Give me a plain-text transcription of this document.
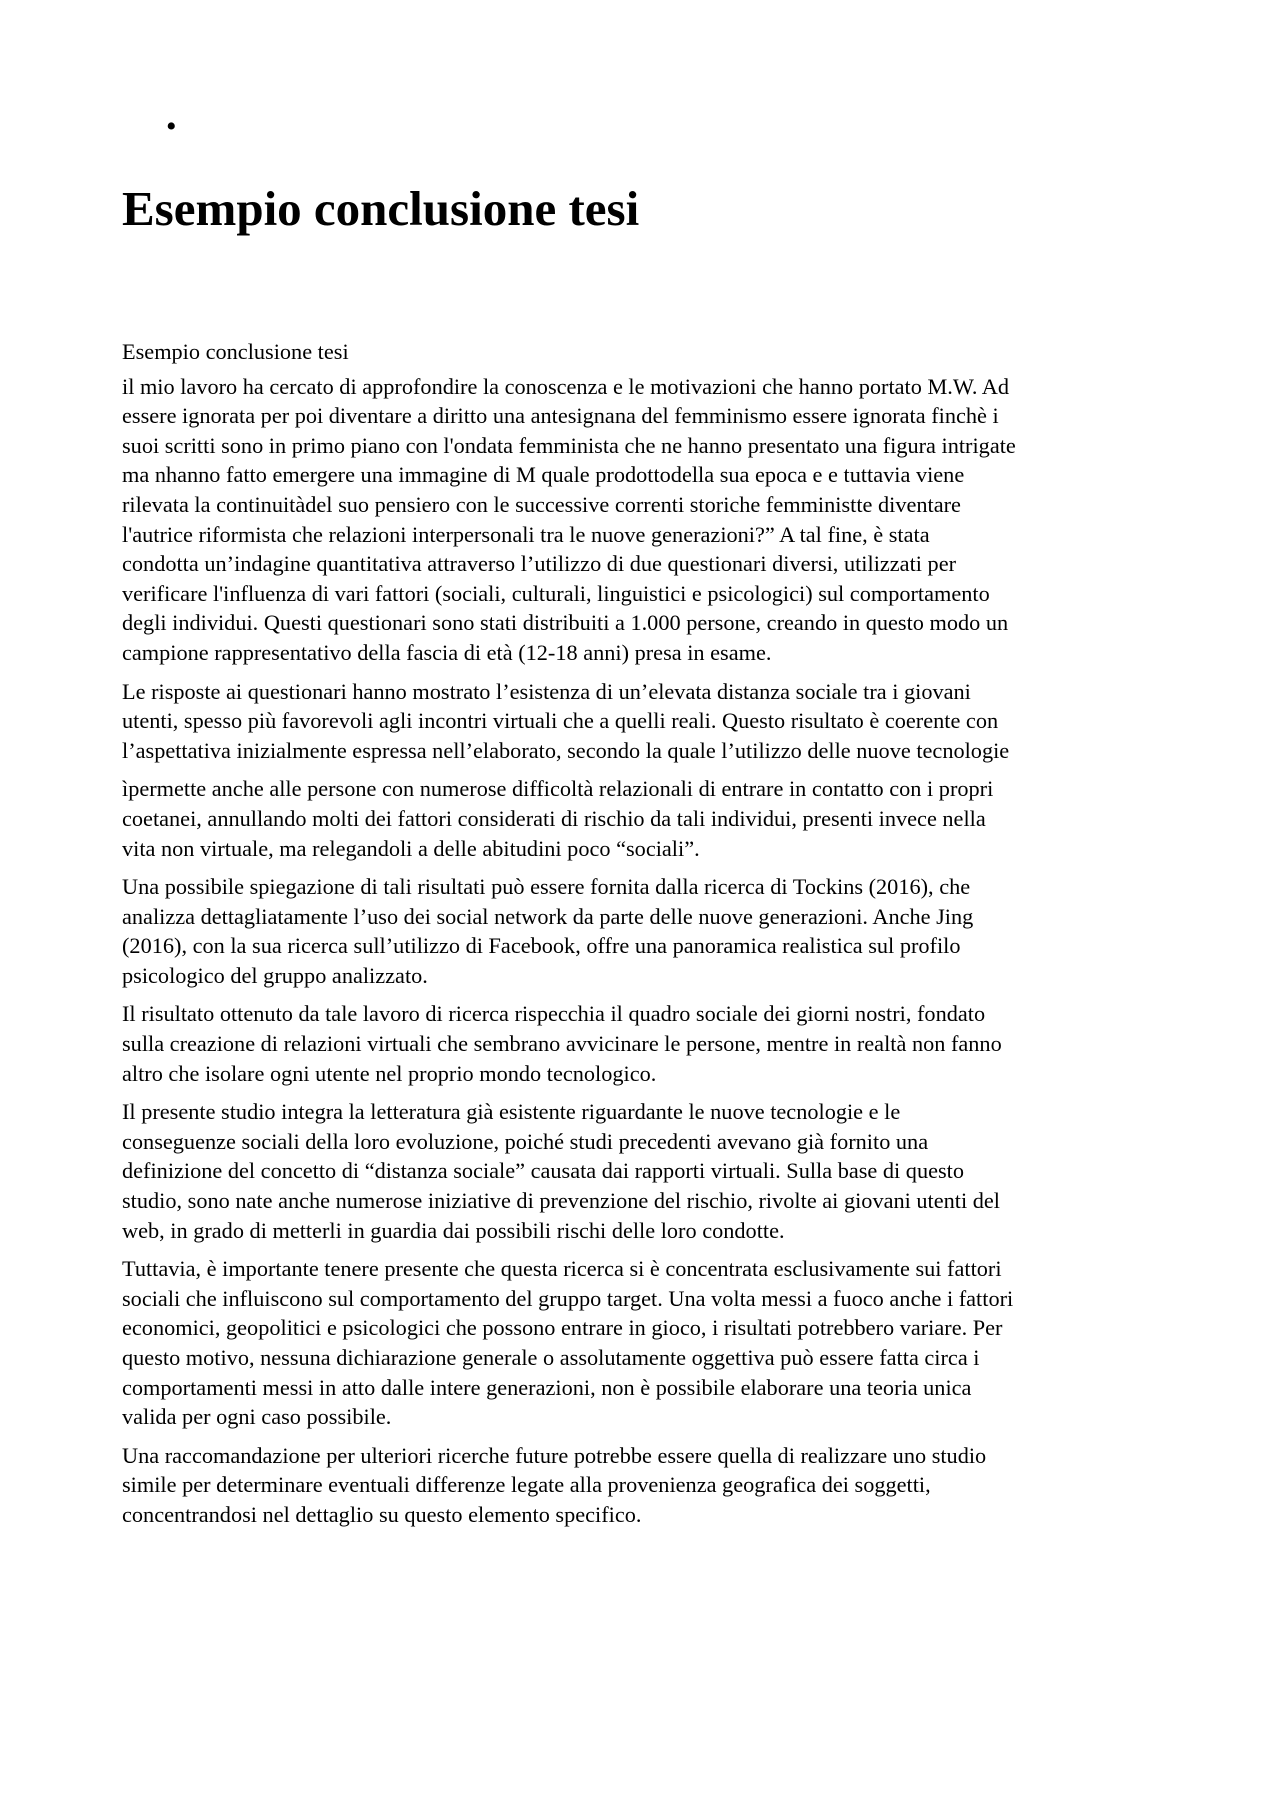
•
Esempio conclusione tesi

Esempio conclusione tesi

il mio lavoro ha cercato di approfondire la conoscenza e le motivazioni che hanno portato M.W. Ad
essere ignorata per poi diventare a diritto una antesignana del femminismo essere ignorata finchè i
suoi scritti sono in primo piano con l'ondata femminista che ne hanno presentato una figura intrigate
ma nhanno fatto emergere una immagine di M quale prodottodella sua epoca e e tuttavia viene
rilevata la continuitàdel suo pensiero con le successive correnti storiche femministte diventare
l'autrice riformista che relazioni interpersonali tra le nuove generazioni?” A tal fine, è stata
condotta un’indagine quantitativa attraverso l’utilizzo di due questionari diversi, utilizzati per
verificare l'influenza di vari fattori (sociali, culturali, linguistici e psicologici) sul comportamento
degli individui. Questi questionari sono stati distribuiti a 1.000 persone, creando in questo modo un
campione rappresentativo della fascia di età (12-18 anni) presa in esame.

Le risposte ai questionari hanno mostrato l’esistenza di un’elevata distanza sociale tra i giovani
utenti, spesso più favorevoli agli incontri virtuali che a quelli reali. Questo risultato è coerente con
l’aspettativa inizialmente espressa nell’elaborato, secondo la quale l’utilizzo delle nuove tecnologie

ìpermette anche alle persone con numerose difficoltà relazionali di entrare in contatto con i propri
coetanei, annullando molti dei fattori considerati di rischio da tali individui, presenti invece nella
vita non virtuale, ma relegandoli a delle abitudini poco “sociali”.

Una possibile spiegazione di tali risultati può essere fornita dalla ricerca di Tockins (2016), che
analizza dettagliatamente l’uso dei social network da parte delle nuove generazioni. Anche Jing
(2016), con la sua ricerca sull’utilizzo di Facebook, offre una panoramica realistica sul profilo
psicologico del gruppo analizzato.

Il risultato ottenuto da tale lavoro di ricerca rispecchia il quadro sociale dei giorni nostri, fondato
sulla creazione di relazioni virtuali che sembrano avvicinare le persone, mentre in realtà non fanno
altro che isolare ogni utente nel proprio mondo tecnologico.

Il presente studio integra la letteratura già esistente riguardante le nuove tecnologie e le
conseguenze sociali della loro evoluzione, poiché studi precedenti avevano già fornito una
definizione del concetto di “distanza sociale” causata dai rapporti virtuali. Sulla base di questo
studio, sono nate anche numerose iniziative di prevenzione del rischio, rivolte ai giovani utenti del
web, in grado di metterli in guardia dai possibili rischi delle loro condotte.

Tuttavia, è importante tenere presente che questa ricerca si è concentrata esclusivamente sui fattori
sociali che influiscono sul comportamento del gruppo target. Una volta messi a fuoco anche i fattori
economici, geopolitici e psicologici che possono entrare in gioco, i risultati potrebbero variare. Per
questo motivo, nessuna dichiarazione generale o assolutamente oggettiva può essere fatta circa i
comportamenti messi in atto dalle intere generazioni, non è possibile elaborare una teoria unica
valida per ogni caso possibile.

Una raccomandazione per ulteriori ricerche future potrebbe essere quella di realizzare uno studio
simile per determinare eventuali differenze legate alla provenienza geografica dei soggetti,
concentrandosi nel dettaglio su questo elemento specifico.
